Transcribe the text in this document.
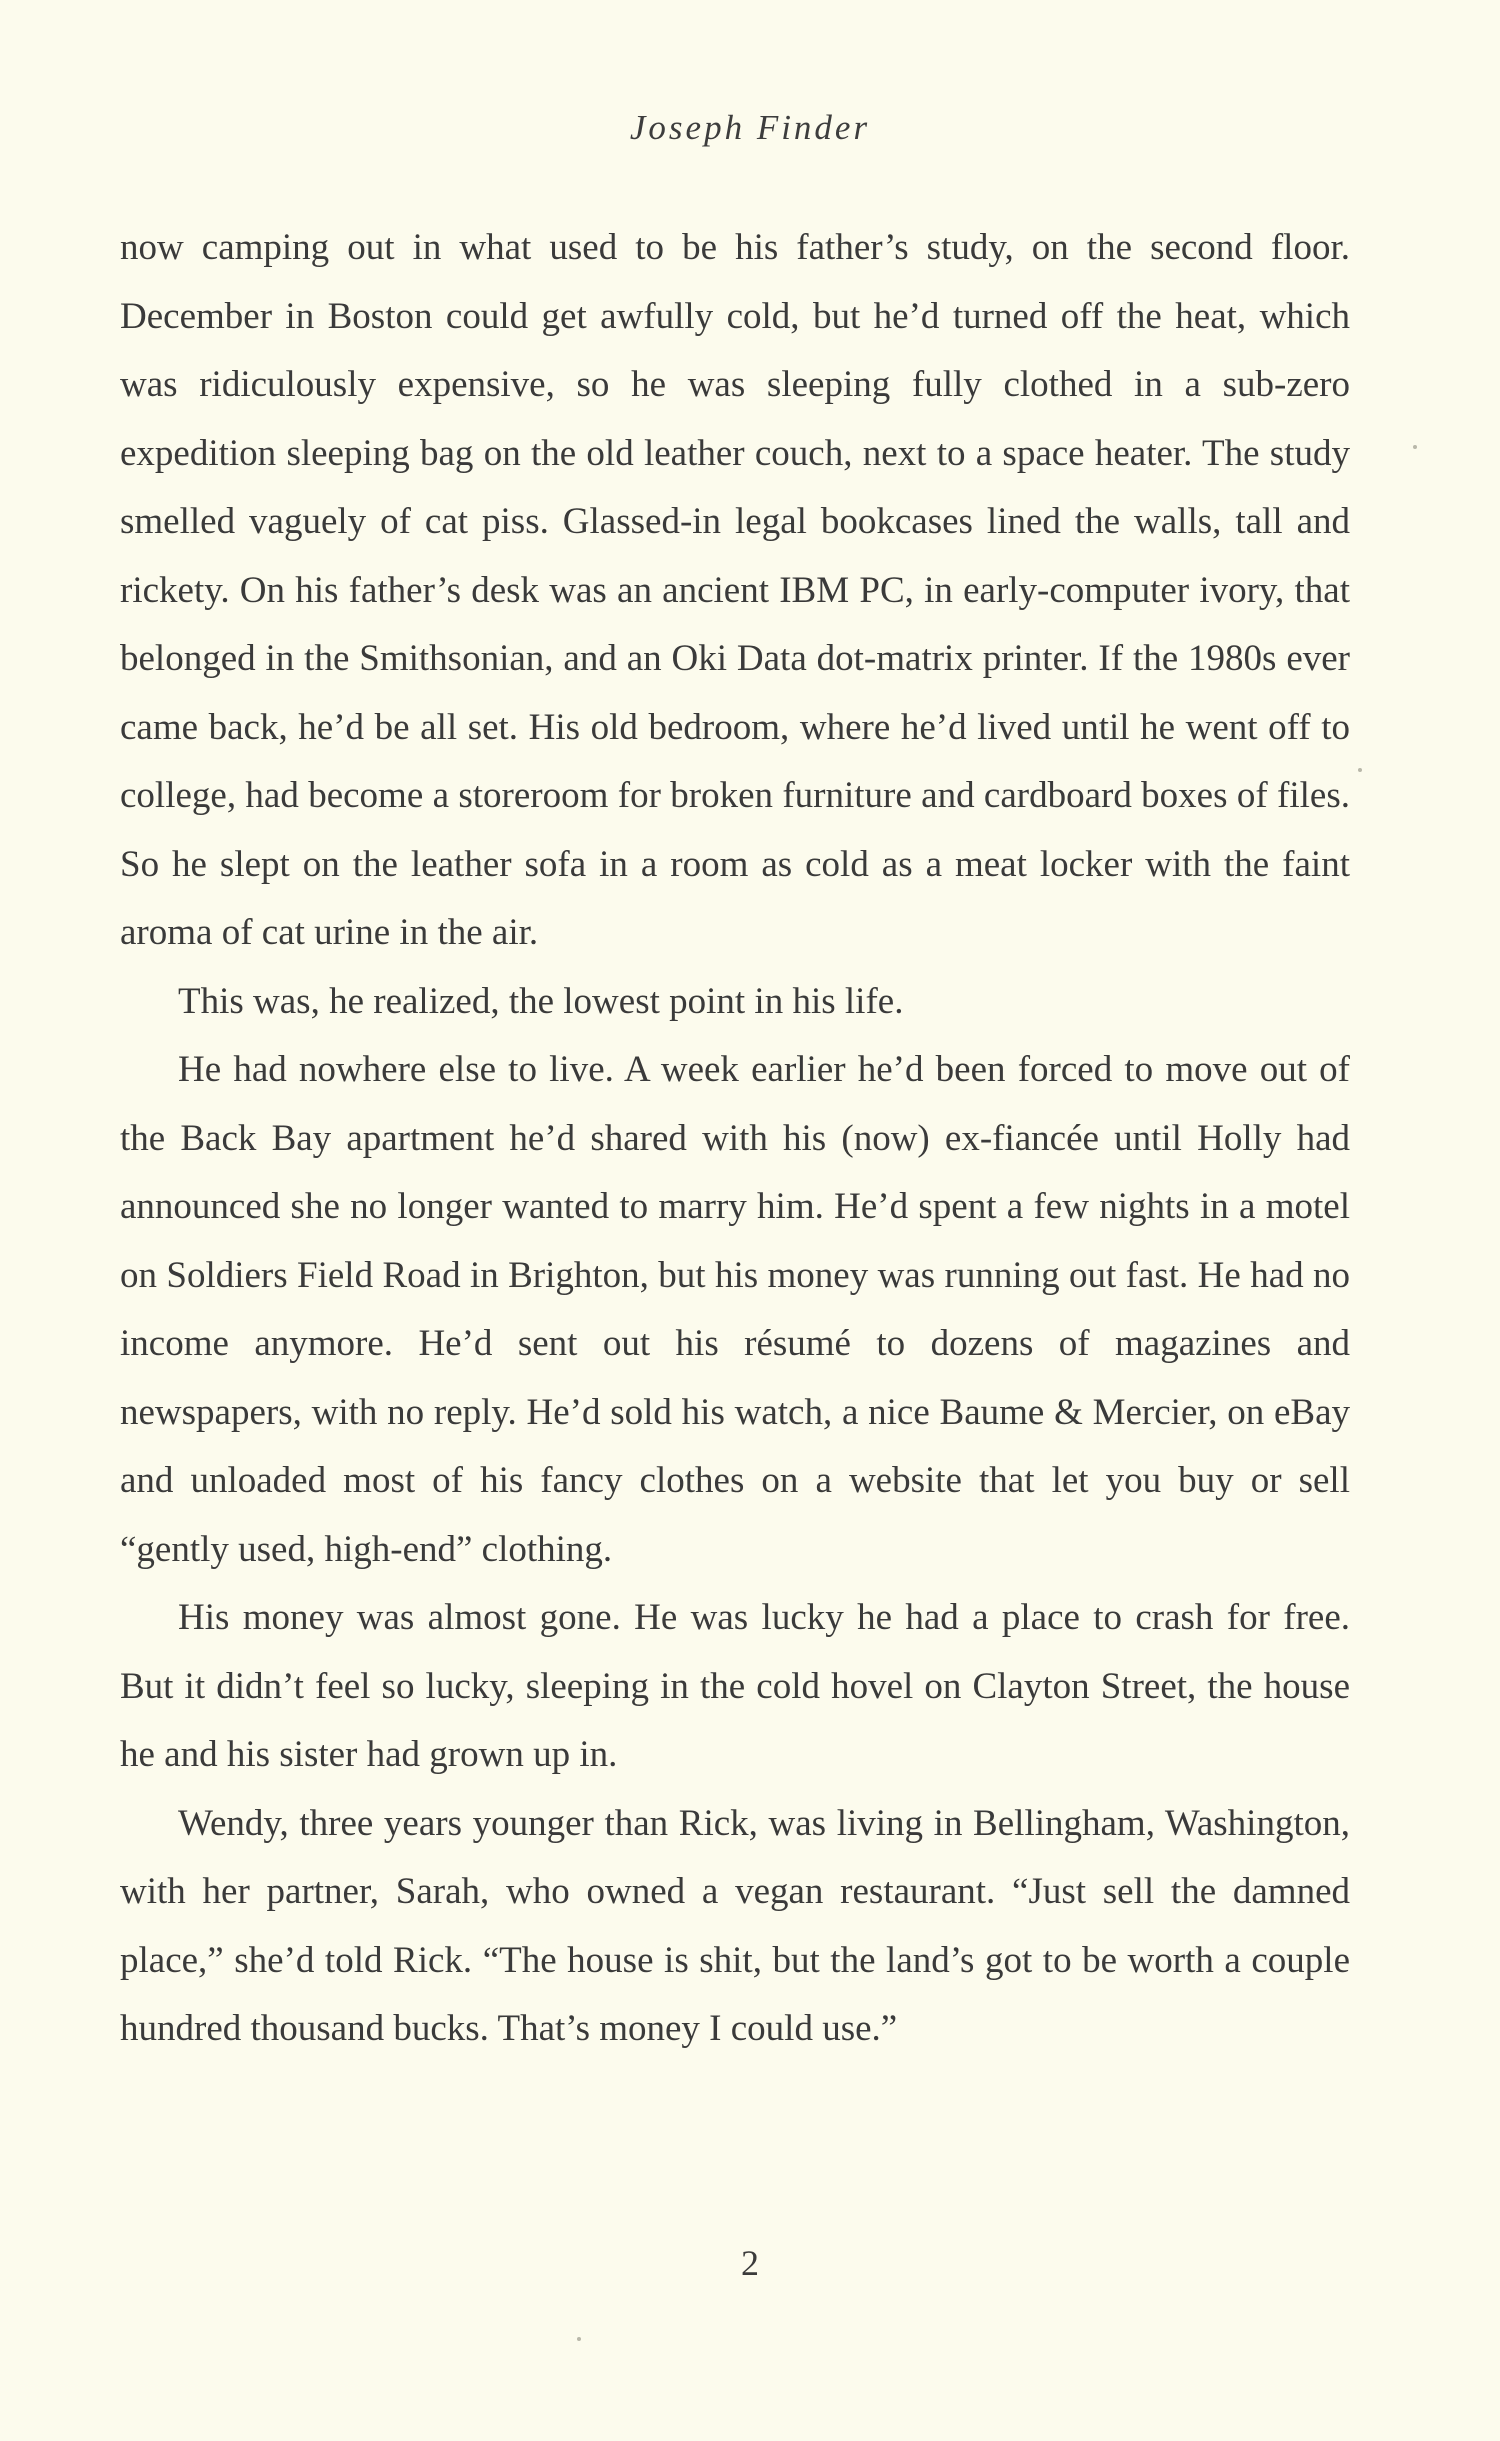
Joseph Finder

now camping out in what used to be his father’s study, on the second floor. December in Boston could get awfully cold, but he’d turned off the heat, which was ridiculously expensive, so he was sleeping fully clothed in a sub-zero expedition sleeping bag on the old leather couch, next to a space heater. The study smelled vaguely of cat piss. Glassed-in legal bookcases lined the walls, tall and rickety. On his father’s desk was an ancient IBM PC, in early-computer ivory, that belonged in the Smithsonian, and an Oki Data dot-matrix printer. If the 1980s ever came back, he’d be all set. His old bedroom, where he’d lived until he went off to college, had become a storeroom for broken furniture and cardboard boxes of files. So he slept on the leather sofa in a room as cold as a meat locker with the faint aroma of cat urine in the air.

This was, he realized, the lowest point in his life.

He had nowhere else to live. A week earlier he’d been forced to move out of the Back Bay apartment he’d shared with his (now) ex-fiancée until Holly had announced she no longer wanted to marry him. He’d spent a few nights in a motel on Soldiers Field Road in Brighton, but his money was running out fast. He had no income anymore. He’d sent out his résumé to dozens of magazines and newspapers, with no reply. He’d sold his watch, a nice Baume & Mercier, on eBay and unloaded most of his fancy clothes on a website that let you buy or sell “gently used, high-end” clothing.

His money was almost gone. He was lucky he had a place to crash for free. But it didn’t feel so lucky, sleeping in the cold hovel on Clayton Street, the house he and his sister had grown up in.

Wendy, three years younger than Rick, was living in Bellingham, Washington, with her partner, Sarah, who owned a vegan restaurant. “Just sell the damned place,” she’d told Rick. “The house is shit, but the land’s got to be worth a couple hundred thousand bucks. That’s money I could use.”

2
